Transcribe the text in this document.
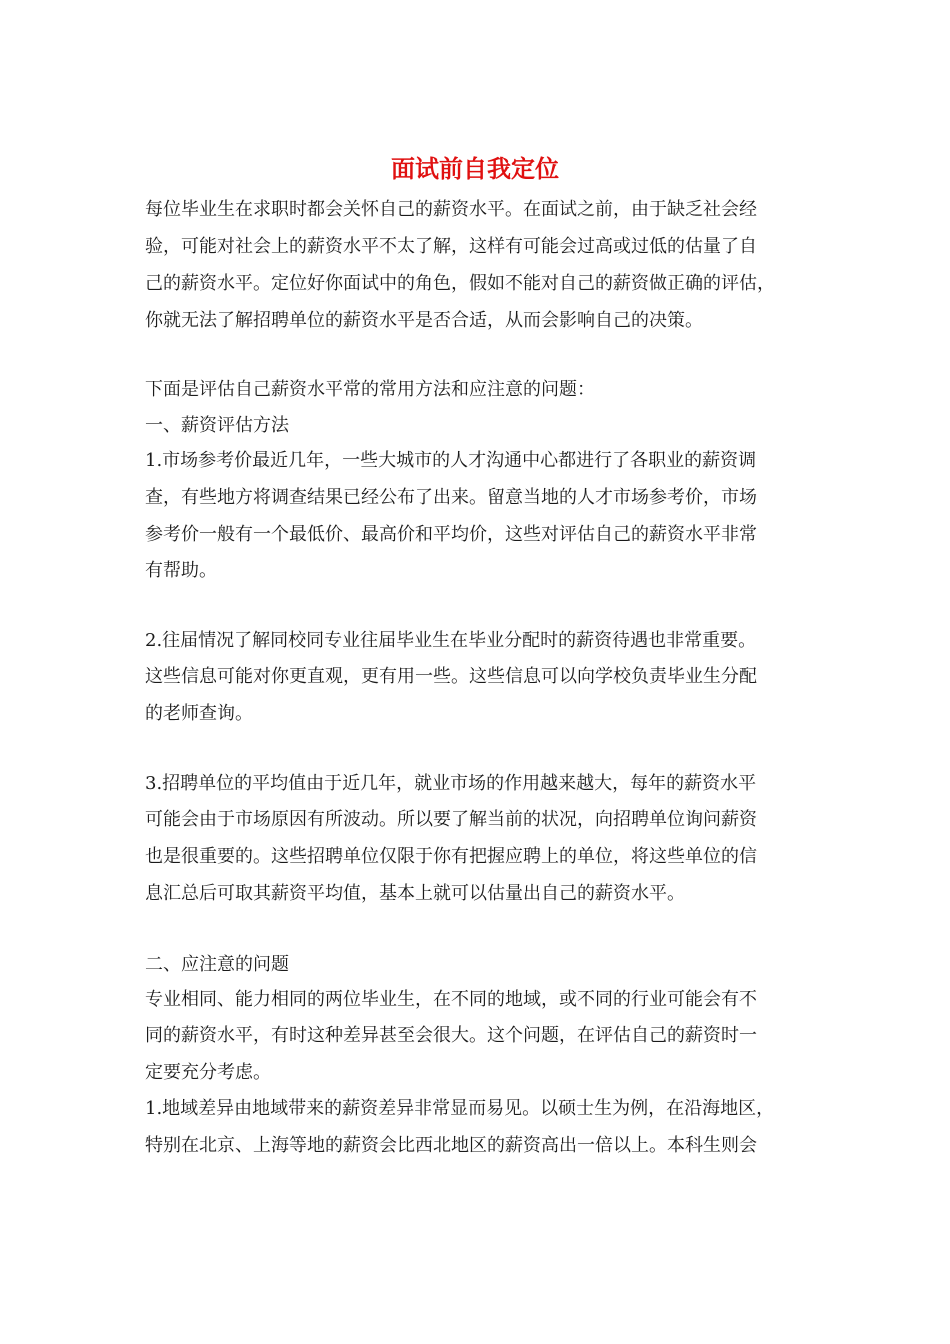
面试前自我定位
每位毕业生在求职时都会关怀自己的薪资水平。在面试之前，由于缺乏社会经
验，可能对社会上的薪资水平不太了解，这样有可能会过高或过低的估量了自
己的薪资水平。定位好你面试中的角色，假如不能对自己的薪资做正确的评估，
你就无法了解招聘单位的薪资水平是否合适，从而会影响自己的决策。
下面是评估自己薪资水平常的常用方法和应注意的问题：
一、薪资评估方法
1.市场参考价最近几年，一些大城市的人才沟通中心都进行了各职业的薪资调
查，有些地方将调查结果已经公布了出来。留意当地的人才市场参考价，市场
参考价一般有一个最低价、最高价和平均价，这些对评估自己的薪资水平非常
有帮助。
2.往届情况了解同校同专业往届毕业生在毕业分配时的薪资待遇也非常重要。
这些信息可能对你更直观，更有用一些。这些信息可以向学校负责毕业生分配
的老师查询。
3.招聘单位的平均值由于近几年，就业市场的作用越来越大，每年的薪资水平
可能会由于市场原因有所波动。所以要了解当前的状况，向招聘单位询问薪资
也是很重要的。这些招聘单位仅限于你有把握应聘上的单位，将这些单位的信
息汇总后可取其薪资平均值，基本上就可以估量出自己的薪资水平。
二、应注意的问题
专业相同、能力相同的两位毕业生，在不同的地域，或不同的行业可能会有不
同的薪资水平，有时这种差异甚至会很大。这个问题，在评估自己的薪资时一
定要充分考虑。
1.地域差异由地域带来的薪资差异非常显而易见。以硕士生为例，在沿海地区，
特别在北京、上海等地的薪资会比西北地区的薪资高出一倍以上。本科生则会
